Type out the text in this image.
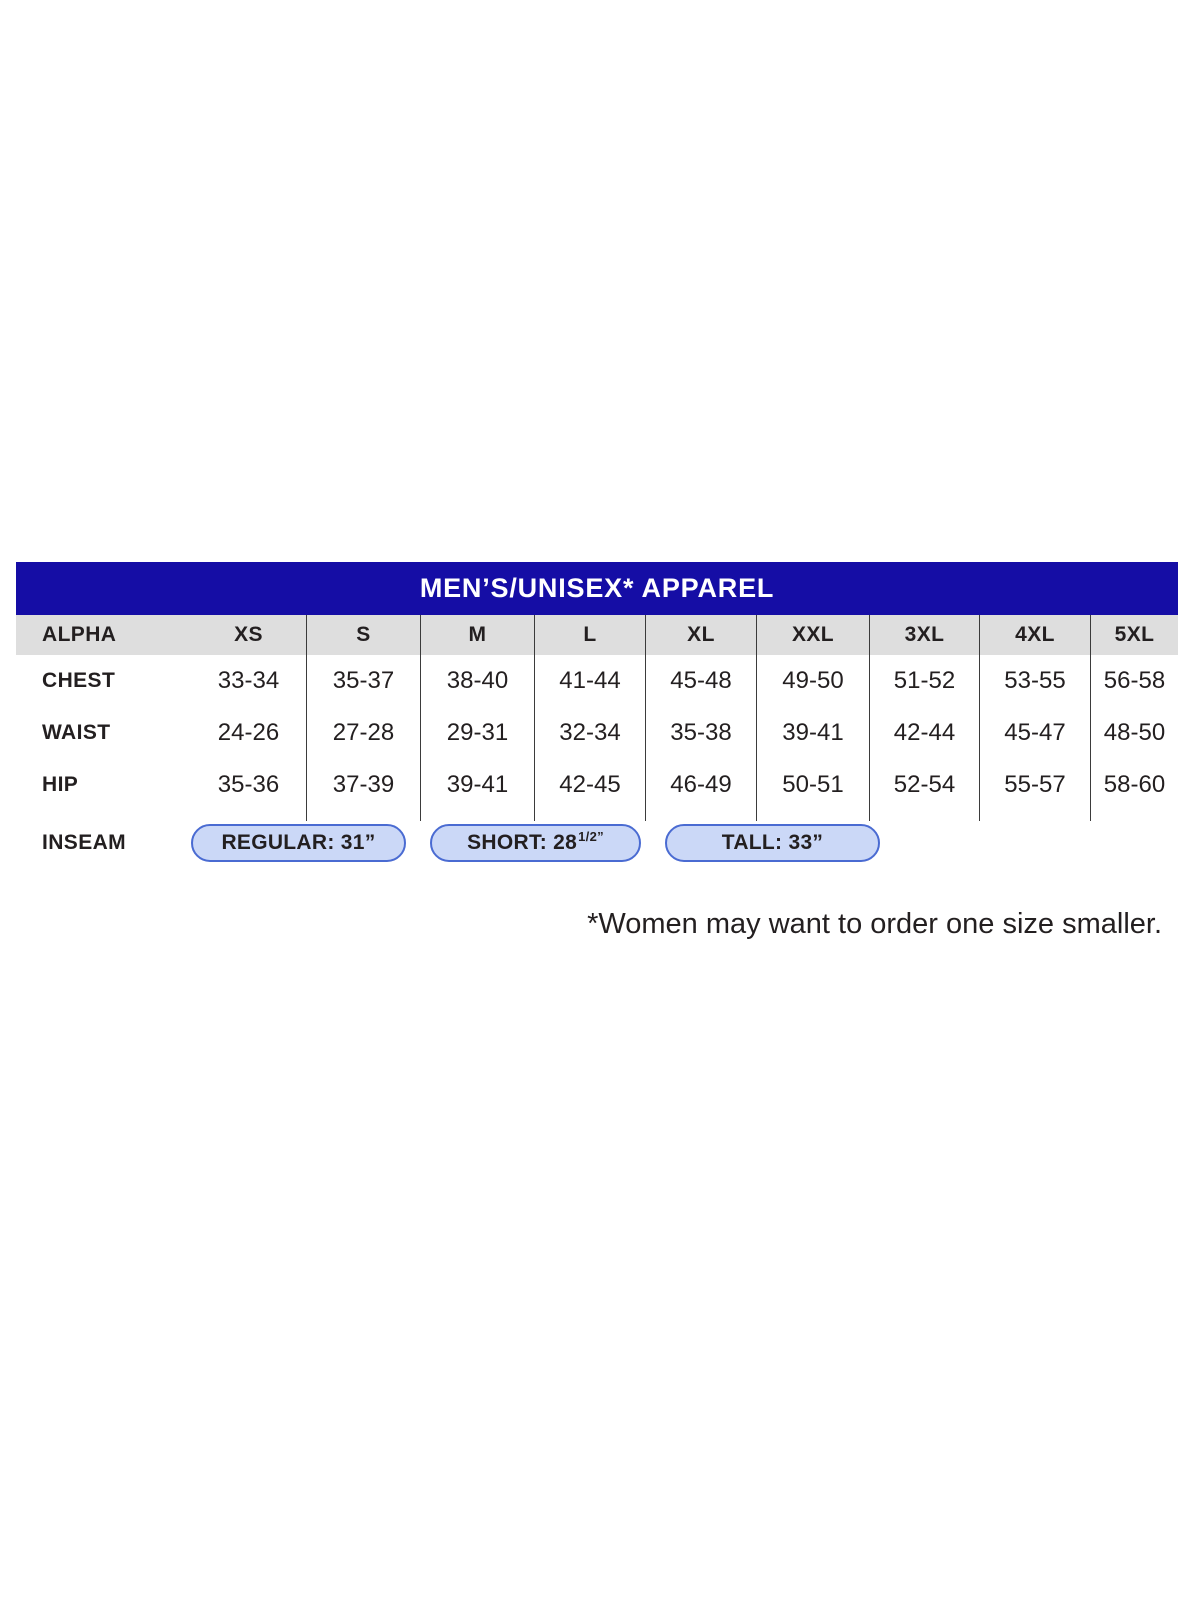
MEN’S/UNISEX* APPAREL
ALPHA	XS	S	M	L	XL	XXL	3XL	4XL	5XL
CHEST	33-34	35-37	38-40	41-44	45-48	49-50	51-52	53-55	56-58
WAIST	24-26	27-28	29-31	32-34	35-38	39-41	42-44	45-47	48-50
HIP	35-36	37-39	39-41	42-45	46-49	50-51	52-54	55-57	58-60
INSEAM	REGULAR: 31”	SHORT: 28 1/2”	TALL: 33”
*Women may want to order one size smaller.
